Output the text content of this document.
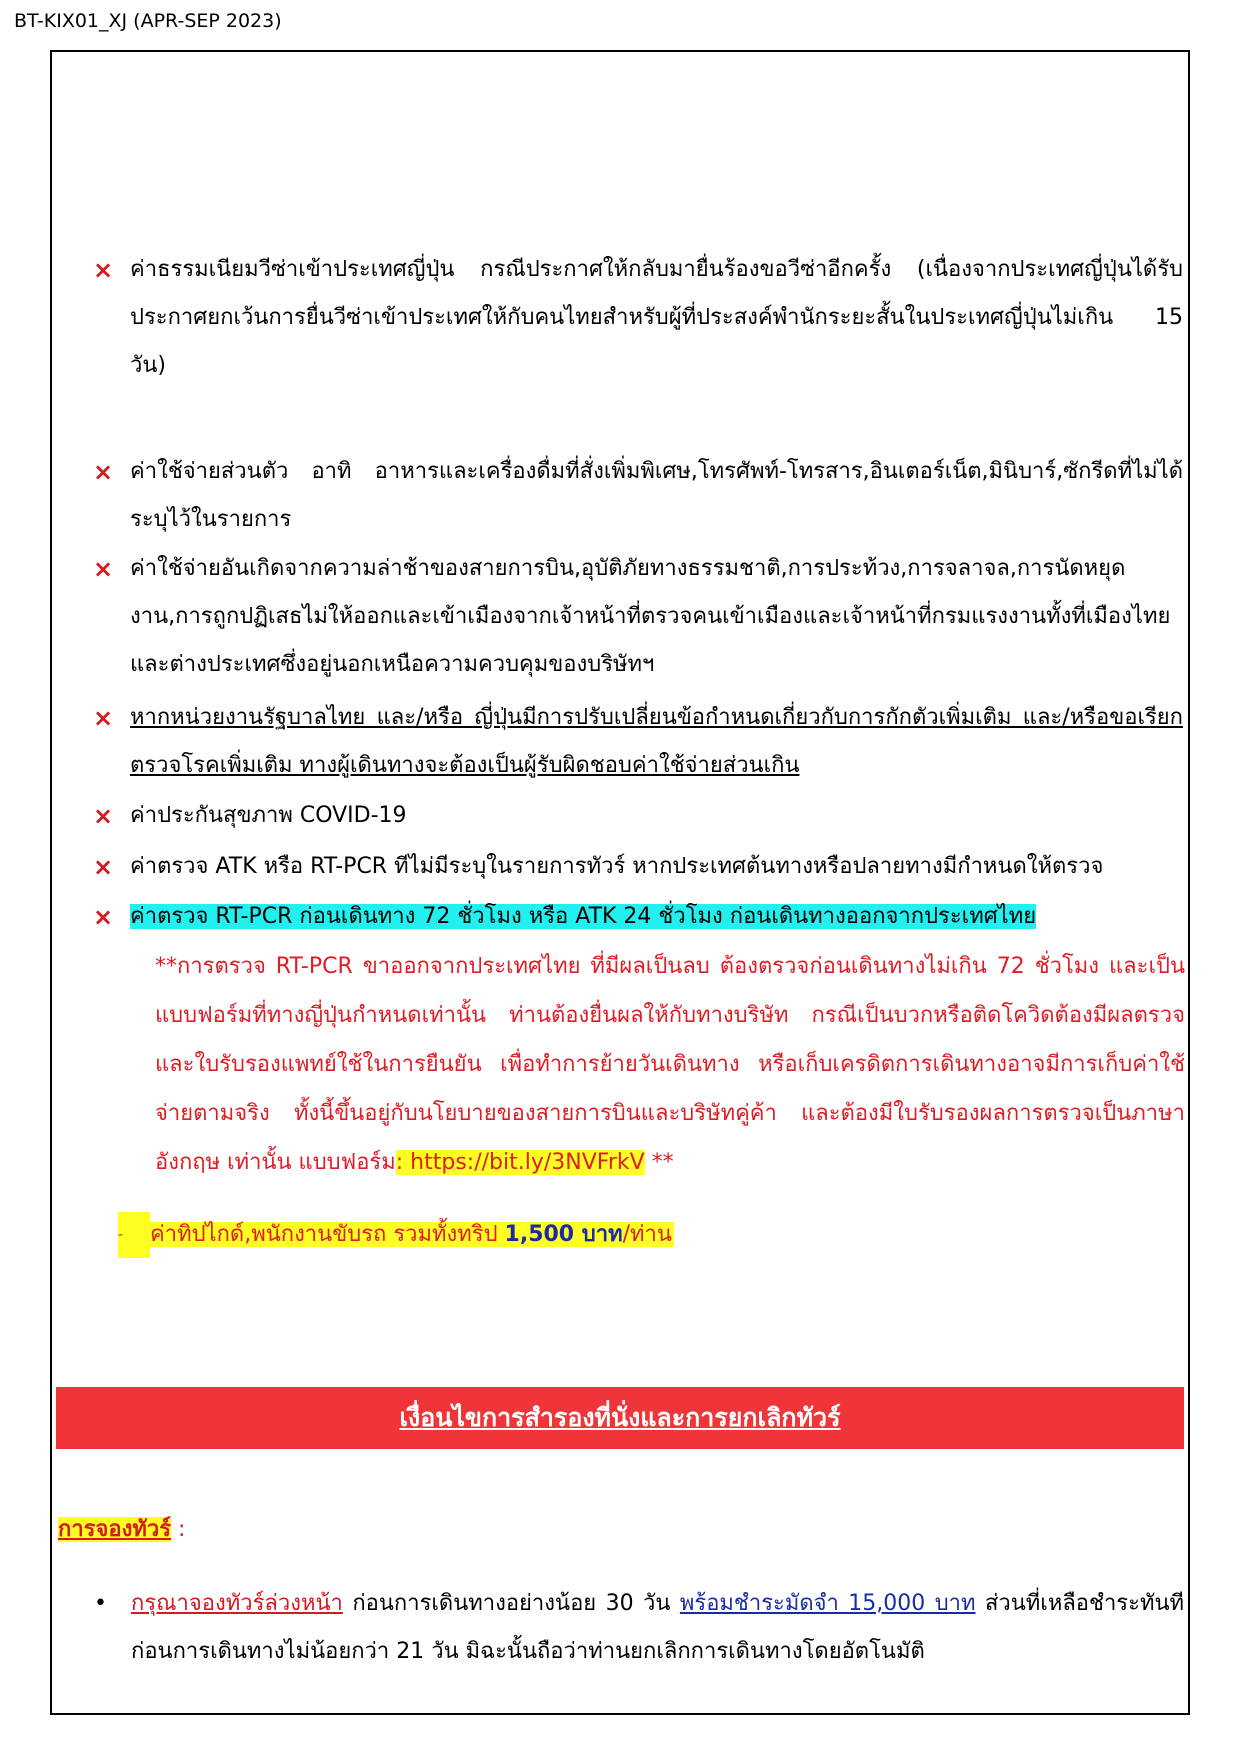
BT-KIX01_XJ (APR-SEP 2023)
× ค่าธรรมเนียมวีซ่าเข้าประเทศญี่ปุ่น กรณีประกาศให้กลับมายื่นร้องขอวีซ่าอีกครั้ง (เนื่องจากประเทศญี่ปุ่นได้รับประกาศยกเว้นการยื่นวีซ่าเข้าประเทศให้กับคนไทยสำหรับผู้ที่ประสงค์พำนักระยะสั้นในประเทศญี่ปุ่นไม่เกิน 15 วัน)
× ค่าใช้จ่ายส่วนตัว อาทิ อาหารและเครื่องดื่มที่สั่งเพิ่มพิเศษ,โทรศัพท์-โทรสาร,อินเตอร์เน็ต,มินิบาร์,ซักรีดที่ไม่ได้ระบุไว้ในรายการ
× ค่าใช้จ่ายอันเกิดจากความล่าช้าของสายการบิน,อุบัติภัยทางธรรมชาติ,การประท้วง,การจลาจล,การนัดหยุดงาน,การถูกปฏิเสธไม่ให้ออกและเข้าเมืองจากเจ้าหน้าที่ตรวจคนเข้าเมืองและเจ้าหน้าที่กรมแรงงานทั้งที่เมืองไทยและต่างประเทศซึ่งอยู่นอกเหนือความควบคุมของบริษัทฯ
× หากหน่วยงานรัฐบาลไทย และ/หรือ ญี่ปุ่นมีการปรับเปลี่ยนข้อกำหนดเกี่ยวกับการกักตัวเพิ่มเติม และ/หรือขอเรียกตรวจโรคเพิ่มเติม ทางผู้เดินทางจะต้องเป็นผู้รับผิดชอบค่าใช้จ่ายส่วนเกิน
× ค่าประกันสุขภาพ COVID-19
× ค่าตรวจ ATK หรือ RT-PCR ทีไม่มีระบุในรายการทัวร์ หากประเทศต้นทางหรือปลายทางมีกำหนดให้ตรวจ
× ค่าตรวจ RT-PCR ก่อนเดินทาง 72 ชั่วโมง หรือ ATK 24 ชั่วโมง ก่อนเดินทางออกจากประเทศไทย
**การตรวจ RT-PCR ขาออกจากประเทศไทย ที่มีผลเป็นลบ ต้องตรวจก่อนเดินทางไม่เกิน 72 ชั่วโมง และเป็นแบบฟอร์มที่ทางญี่ปุ่นกำหนดเท่านั้น ท่านต้องยื่นผลให้กับทางบริษัท กรณีเป็นบวกหรือติดโควิดต้องมีผลตรวจและใบรับรองแพทย์ใช้ในการยืนยัน เพื่อทำการย้ายวันเดินทาง หรือเก็บเครดิตการเดินทางอาจมีการเก็บค่าใช้จ่ายตามจริง ทั้งนี้ขึ้นอยู่กับนโยบายของสายการบินและบริษัทคู่ค้า และต้องมีใบรับรองผลการตรวจเป็นภาษาอังกฤษ เท่านั้น แบบฟอร์ม: https://bit.ly/3NVFrkV **
- ค่าทิปไกด์,พนักงานขับรถ รวมทั้งทริป 1,500 บาท/ท่าน
เงื่อนไขการสำรองที่นั่งและการยกเลิกทัวร์
การจองทัวร์ :
• กรุณาจองทัวร์ล่วงหน้า ก่อนการเดินทางอย่างน้อย 30 วัน พร้อมชำระมัดจำ 15,000 บาท ส่วนที่เหลือชำระทันทีก่อนการเดินทางไม่น้อยกว่า 21 วัน มิฉะนั้นถือว่าท่านยกเลิกการเดินทางโดยอัตโนมัติ
